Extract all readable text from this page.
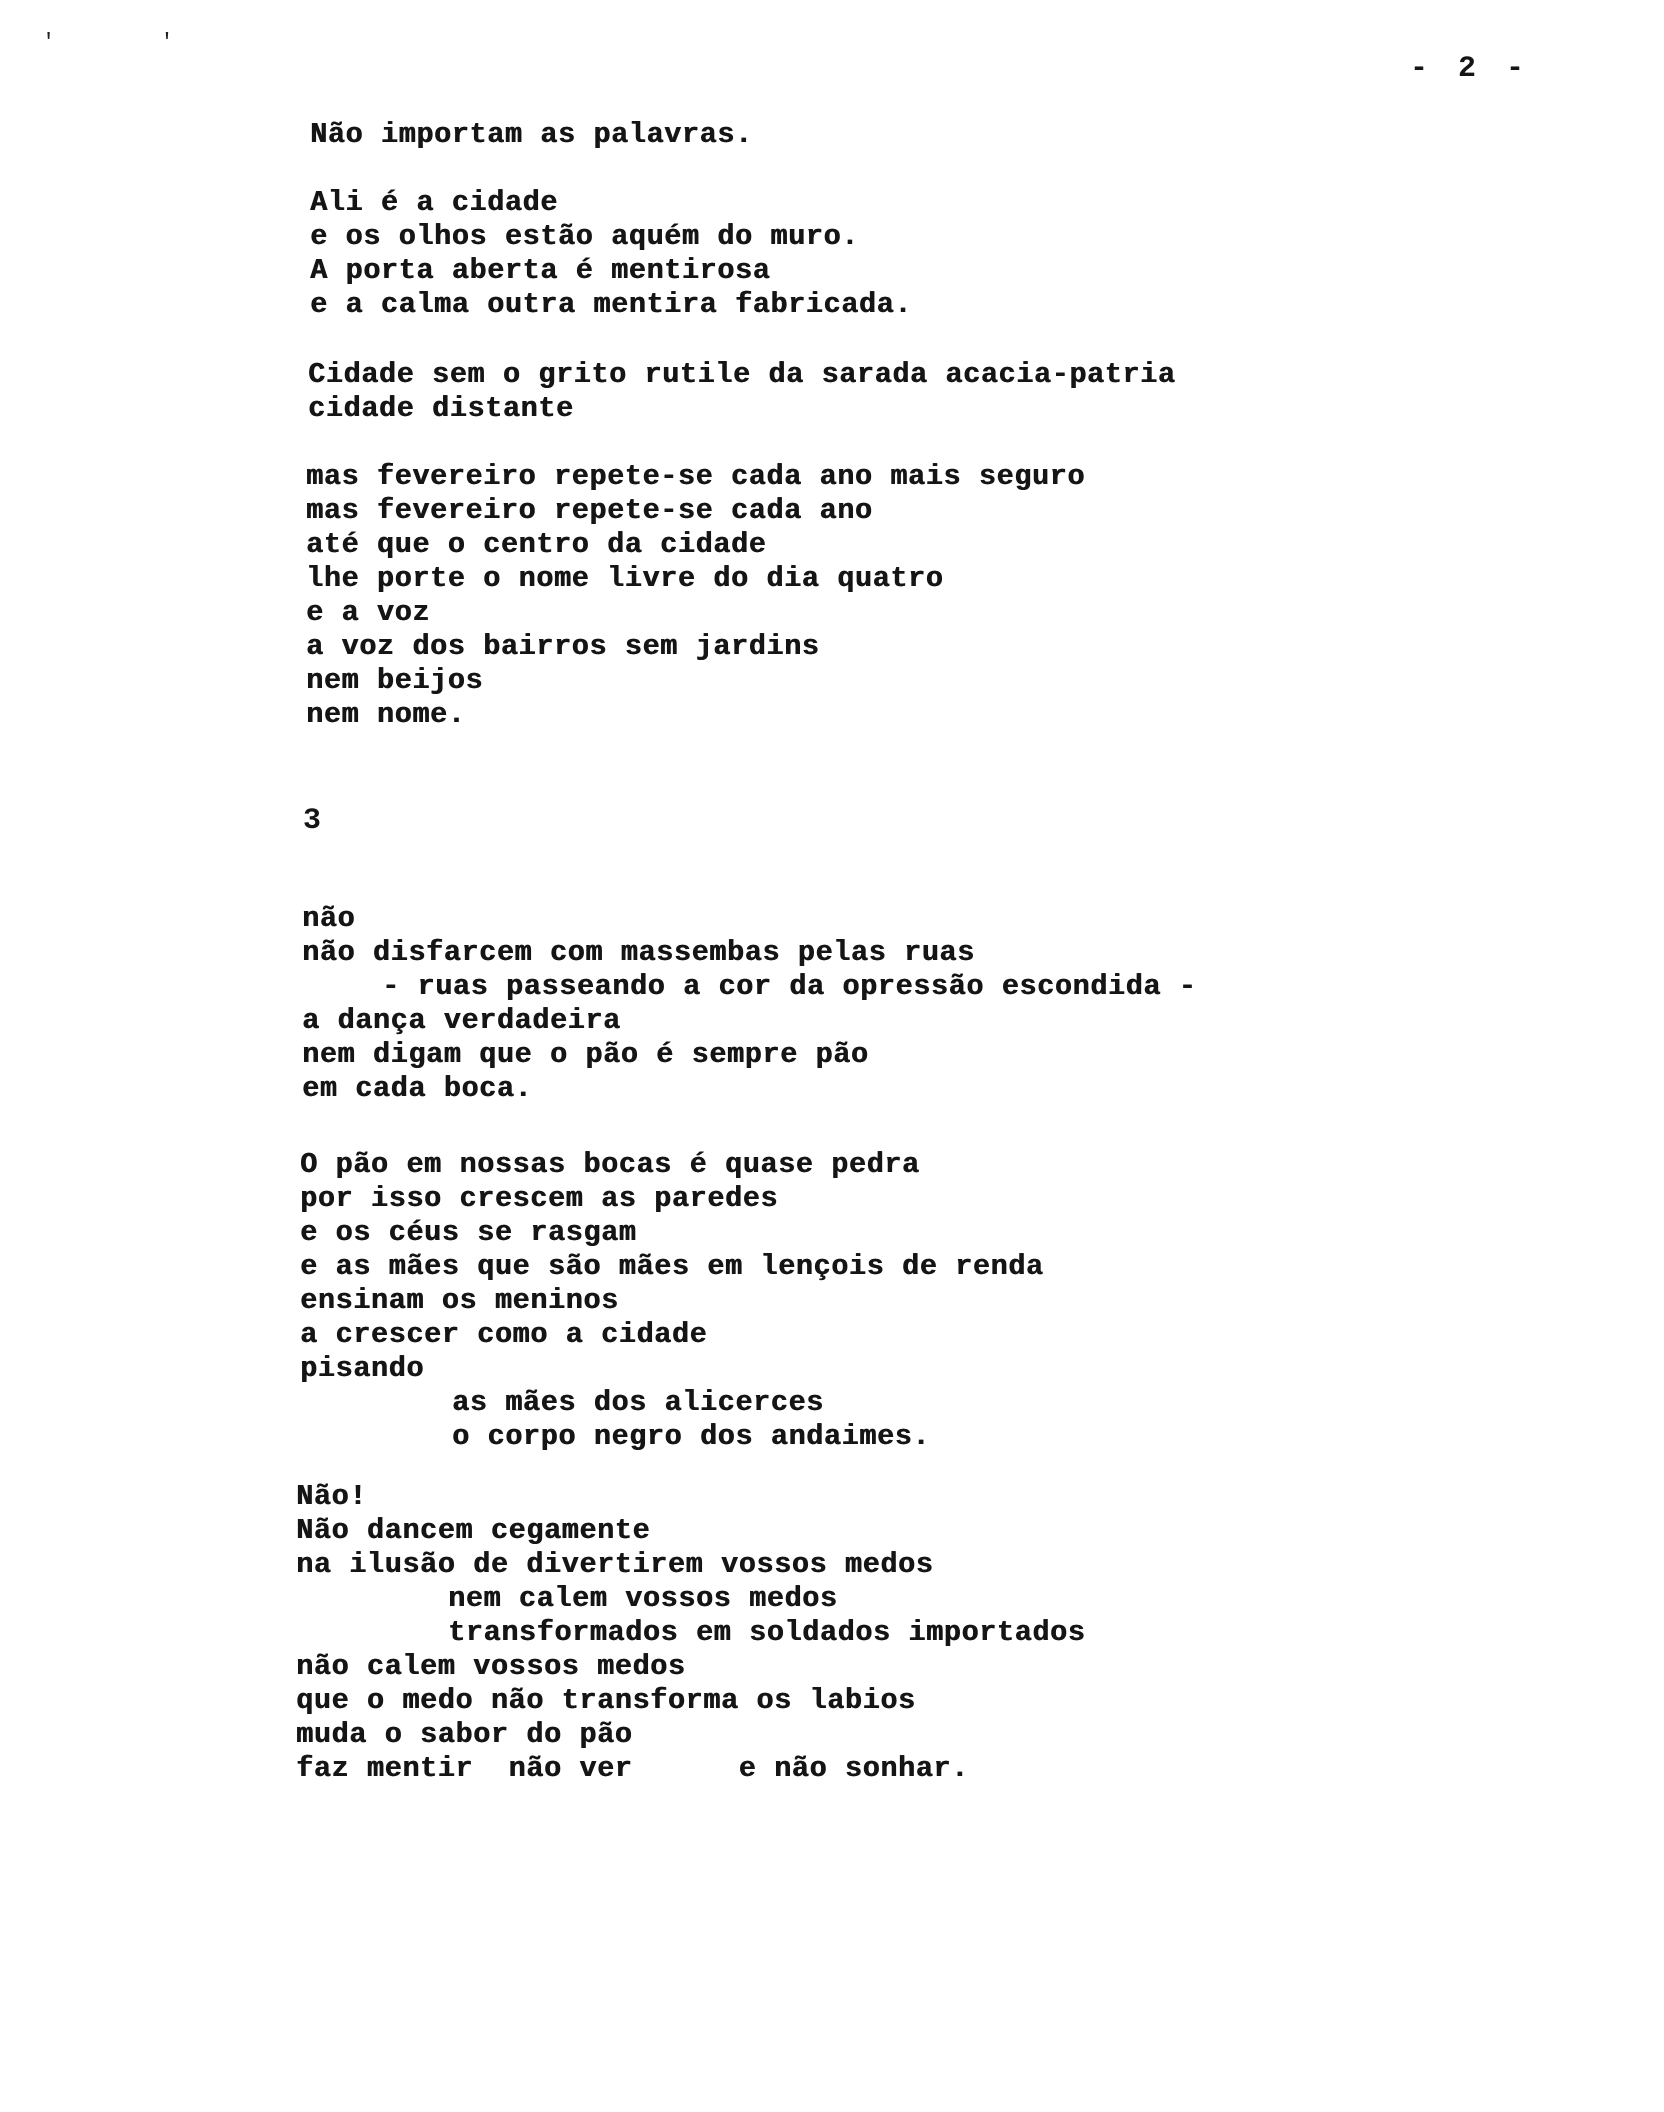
' '
- 2 -
Não importam as palavras.
Ali é a cidade
e os olhos estão aquém do muro.
A porta aberta é mentirosa
e a calma outra mentira fabricada.
Cidade sem o grito rutile da sarada acacia-patria
cidade distante
mas fevereiro repete-se cada ano mais seguro
mas fevereiro repete-se cada ano
até que o centro da cidade
lhe porte o nome livre do dia quatro
e a voz
a voz dos bairros sem jardins
nem beijos
nem nome.
3
não
não disfarcem com massembas pelas ruas
- ruas passeando a cor da opressão escondida -
a dança verdadeira
nem digam que o pão é sempre pão
em cada boca.
O pão em nossas bocas é quase pedra
por isso crescem as paredes
e os céus se rasgam
e as mães que são mães em lençois de renda
ensinam os meninos
a crescer como a cidade
pisando
as mães dos alicerces
o corpo negro dos andaimes.
Não!
Não dancem cegamente
na ilusão de divertirem vossos medos
nem calem vossos medos
transformados em soldados importados
não calem vossos medos
que o medo não transforma os labios
muda o sabor do pão
faz mentir  não ver      e não sonhar.
